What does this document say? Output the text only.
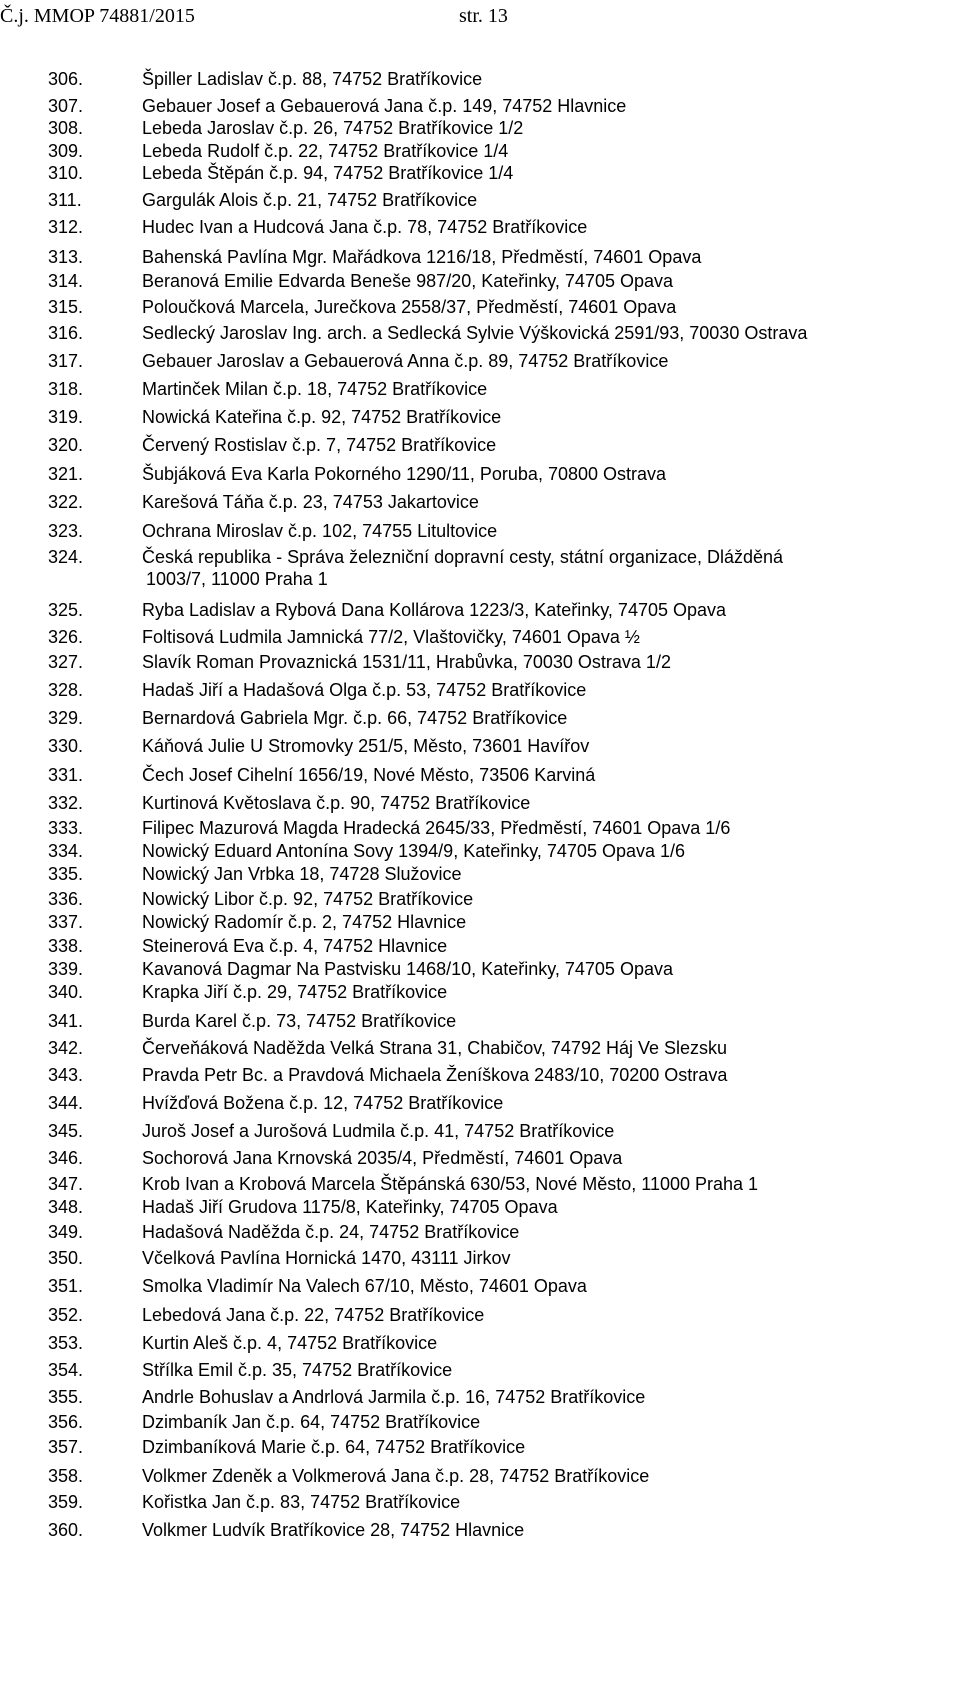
Č.j. MMOP 74881/2015	str. 13
306.	Špiller Ladislav č.p. 88, 74752 Bratříkovice
307.	Gebauer Josef a Gebauerová Jana č.p. 149, 74752 Hlavnice
308.	Lebeda Jaroslav č.p. 26, 74752 Bratříkovice 1/2
309.	Lebeda Rudolf č.p. 22, 74752 Bratříkovice 1/4
310.	Lebeda Štěpán č.p. 94, 74752 Bratříkovice 1/4
311.	Gargulák Alois č.p. 21, 74752 Bratříkovice
312.	Hudec Ivan a Hudcová Jana č.p. 78, 74752 Bratříkovice
313.	Bahenská Pavlína Mgr. Mařádkova 1216/18, Předměstí, 74601 Opava
314.	Beranová Emilie Edvarda Beneše 987/20, Kateřinky, 74705 Opava
315.	Poloučková Marcela, Jurečkova 2558/37, Předměstí, 74601 Opava
316.	Sedlecký Jaroslav Ing. arch. a Sedlecká Sylvie Výškovická 2591/93, 70030 Ostrava
317.	Gebauer Jaroslav a Gebauerová Anna č.p. 89, 74752 Bratříkovice
318.	Martinček Milan č.p. 18, 74752 Bratříkovice
319.	Nowická Kateřina č.p. 92, 74752 Bratříkovice
320.	Červený Rostislav č.p. 7, 74752 Bratříkovice
321.	Šubjáková Eva Karla Pokorného 1290/11, Poruba, 70800 Ostrava
322.	Karešová Táňa č.p. 23, 74753 Jakartovice
323.	Ochrana Miroslav č.p. 102, 74755 Litultovice
324.	Česká republika - Správa železniční dopravní cesty, státní organizace, Dlážděná
1003/7, 11000 Praha 1
325.	Ryba Ladislav a Rybová Dana Kollárova 1223/3, Kateřinky, 74705 Opava
326.	Foltisová Ludmila Jamnická 77/2, Vlaštovičky, 74601 Opava ½
327.	Slavík Roman Provaznická 1531/11, Hrabůvka, 70030 Ostrava 1/2
328.	Hadaš Jiří a Hadašová Olga č.p. 53, 74752 Bratříkovice
329.	Bernardová Gabriela Mgr. č.p. 66, 74752 Bratříkovice
330.	Káňová Julie U Stromovky 251/5, Město, 73601 Havířov
331.	Čech Josef Cihelní 1656/19, Nové Město, 73506 Karviná
332.	Kurtinová Květoslava č.p. 90, 74752 Bratříkovice
333.	Filipec Mazurová Magda Hradecká 2645/33, Předměstí, 74601 Opava 1/6
334.	Nowický Eduard Antonína Sovy 1394/9, Kateřinky, 74705 Opava 1/6
335.	Nowický Jan Vrbka 18, 74728 Služovice
336.	Nowický Libor č.p. 92, 74752 Bratříkovice
337.	Nowický Radomír č.p. 2, 74752 Hlavnice
338.	Steinerová Eva č.p. 4, 74752 Hlavnice
339.	Kavanová Dagmar Na Pastvisku 1468/10, Kateřinky, 74705 Opava
340.	Krapka Jiří č.p. 29, 74752 Bratříkovice
341.	Burda Karel č.p. 73, 74752 Bratříkovice
342.	Červeňáková Naděžda Velká Strana 31, Chabičov, 74792 Háj Ve Slezsku
343.	Pravda Petr Bc. a Pravdová Michaela Ženíškova 2483/10, 70200 Ostrava
344.	Hvížďová Božena č.p. 12, 74752 Bratříkovice
345.	Juroš Josef a Jurošová Ludmila č.p. 41, 74752 Bratříkovice
346.	Sochorová Jana Krnovská 2035/4, Předměstí, 74601 Opava
347.	Krob Ivan a Krobová Marcela Štěpánská 630/53, Nové Město, 11000 Praha 1
348.	Hadaš Jiří Grudova 1175/8, Kateřinky, 74705 Opava
349.	Hadašová Naděžda č.p. 24, 74752 Bratříkovice
350.	Včelková Pavlína Hornická 1470, 43111 Jirkov
351.	Smolka Vladimír Na Valech 67/10, Město, 74601 Opava
352.	Lebedová Jana č.p. 22, 74752 Bratříkovice
353.	Kurtin Aleš č.p. 4, 74752 Bratříkovice
354.	Střílka Emil č.p. 35, 74752 Bratříkovice
355.	Andrle Bohuslav a Andrlová Jarmila č.p. 16, 74752 Bratříkovice
356.	Dzimbaník Jan č.p. 64, 74752 Bratříkovice
357.	Dzimbaníková Marie č.p. 64, 74752 Bratříkovice
358.	Volkmer Zdeněk a Volkmerová Jana č.p. 28, 74752 Bratříkovice
359.	Kořistka Jan č.p. 83, 74752 Bratříkovice
360.	Volkmer Ludvík Bratříkovice 28, 74752 Hlavnice
